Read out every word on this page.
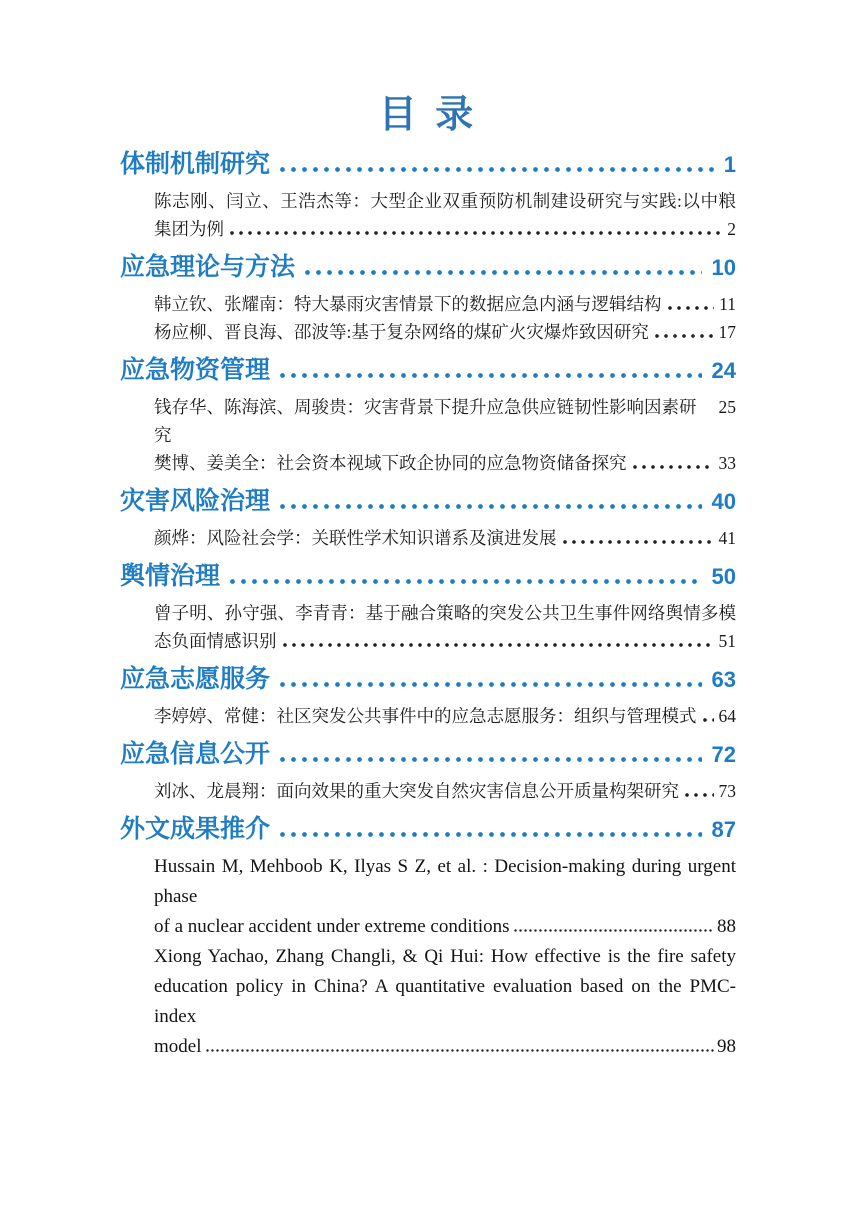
目 录
体制机制研究	1
陈志刚、闫立、王浩杰等：大型企业双重预防机制建设研究与实践:以中粮
集团为例	2
应急理论与方法	10
韩立钦、张耀南：特大暴雨灾害情景下的数据应急内涵与逻辑结构	11
杨应柳、晋良海、邵波等:基于复杂网络的煤矿火灾爆炸致因研究	17
应急物资管理	24
钱存华、陈海滨、周骏贵：灾害背景下提升应急供应链韧性影响因素研究
25
樊博、姜美全：社会资本视域下政企协同的应急物资储备探究	33
灾害风险治理	40
颜烨：风险社会学：关联性学术知识谱系及演进发展	41
舆情治理	50
曾子明、孙守强、李青青：基于融合策略的突发公共卫生事件网络舆情多模
态负面情感识别	51
应急志愿服务	63
李婷婷、常健：社区突发公共事件中的应急志愿服务：组织与管理模式 64
应急信息公开	72
刘冰、龙晨翔：面向效果的重大突发自然灾害信息公开质量构架研究 73
外文成果推介	87
Hussain M, Mehboob K, Ilyas S Z, et al. : Decision-making during urgent phase
of a nuclear accident under extreme conditions	88
Xiong Yachao, Zhang Changli, & Qi Hui: How effective is the fire safety
education policy in China? A quantitative evaluation based on the PMC-index
model	98
